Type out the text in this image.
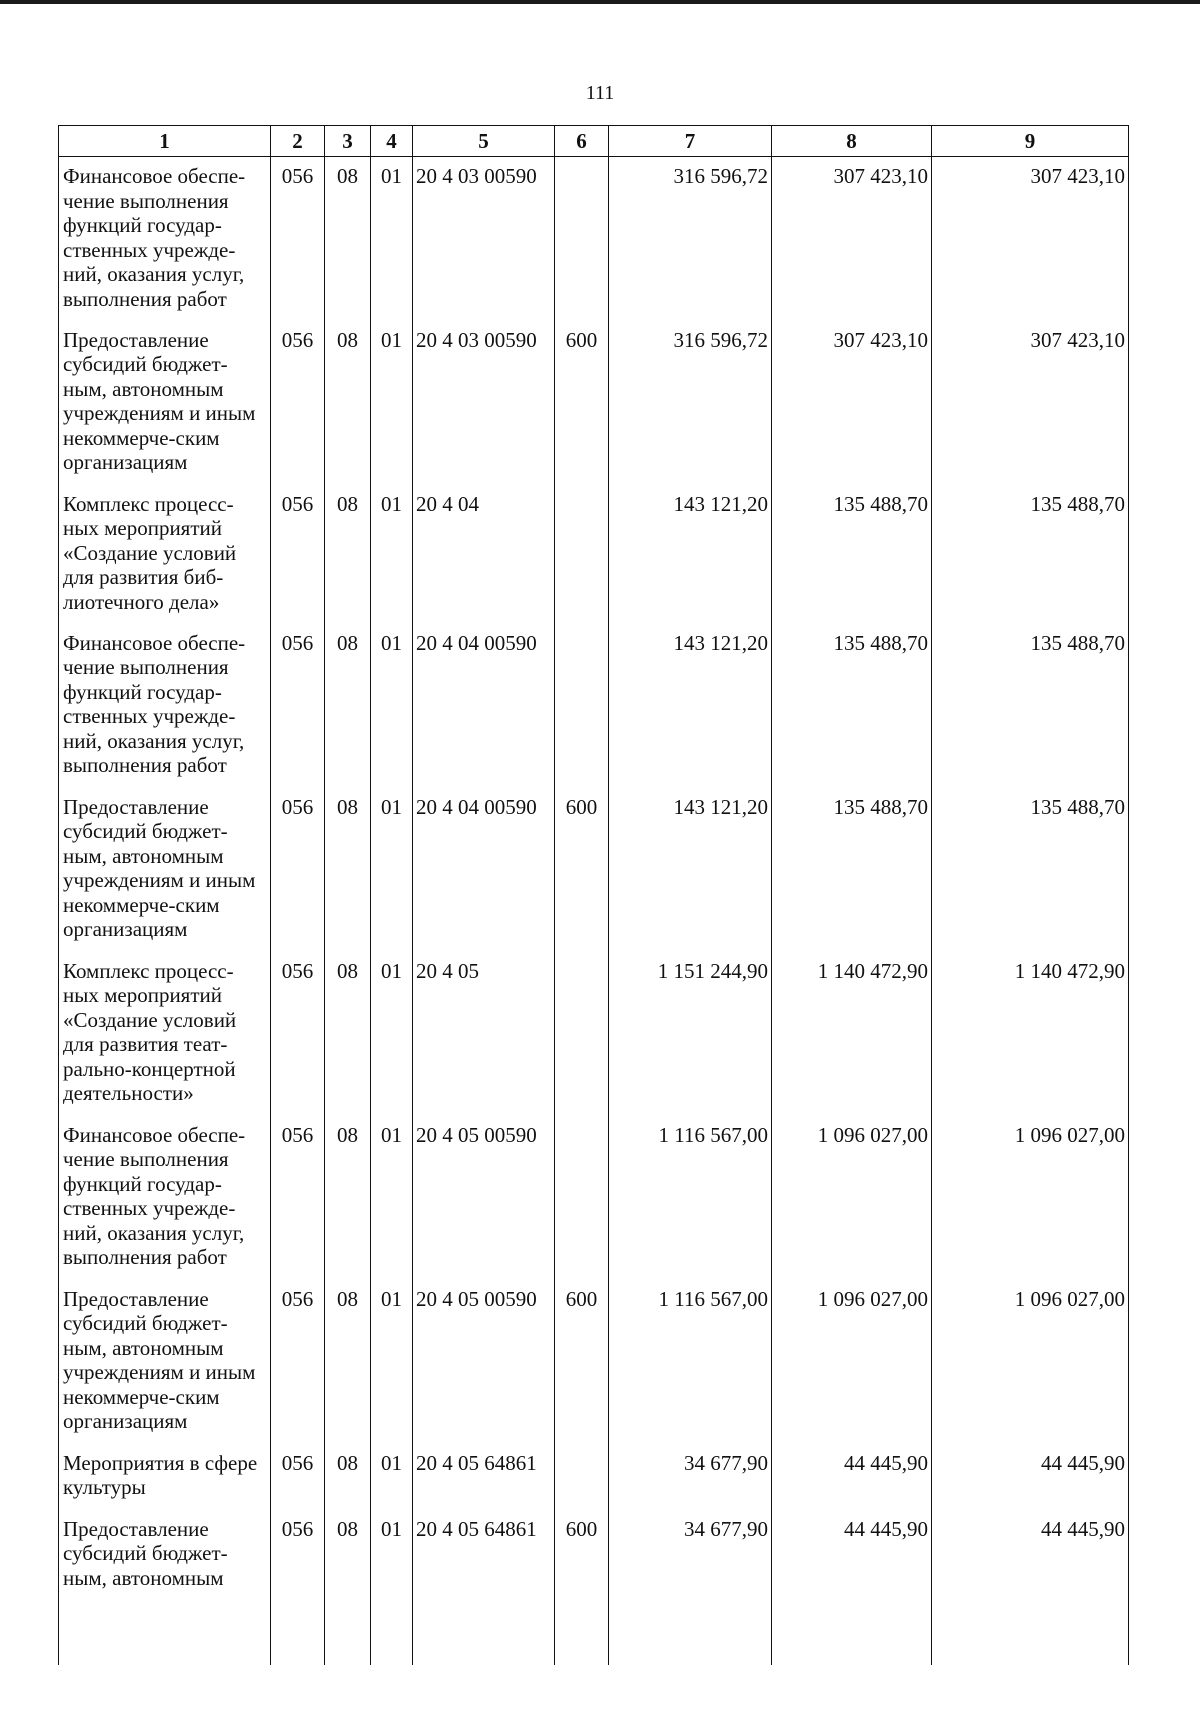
111
1	2	3	4	5	6	7	8	9
Финансовое обеспе-чение выполнения функций государ-ственных учрежде-ний, оказания услуг, выполнения работ	056	08	01	20 4 03 00590		316 596,72	307 423,10	307 423,10
Предоставление субсидий бюджет-ным, автономным учреждениям и иным некоммерче-ским организациям	056	08	01	20 4 03 00590	600	316 596,72	307 423,10	307 423,10
Комплекс процесс-ных мероприятий «Создание условий для развития биб-лиотечного дела»	056	08	01	20 4 04		143 121,20	135 488,70	135 488,70
Финансовое обеспе-чение выполнения функций государ-ственных учрежде-ний, оказания услуг, выполнения работ	056	08	01	20 4 04 00590		143 121,20	135 488,70	135 488,70
Предоставление субсидий бюджет-ным, автономным учреждениям и иным некоммерче-ским организациям	056	08	01	20 4 04 00590	600	143 121,20	135 488,70	135 488,70
Комплекс процесс-ных мероприятий «Создание условий для развития теат-рально-концертной деятельности»	056	08	01	20 4 05		1 151 244,90	1 140 472,90	1 140 472,90
Финансовое обеспе-чение выполнения функций государ-ственных учрежде-ний, оказания услуг, выполнения работ	056	08	01	20 4 05 00590		1 116 567,00	1 096 027,00	1 096 027,00
Предоставление субсидий бюджет-ным, автономным учреждениям и иным некоммерче-ским организациям	056	08	01	20 4 05 00590	600	1 116 567,00	1 096 027,00	1 096 027,00
Мероприятия в сфере культуры	056	08	01	20 4 05 64861		34 677,90	44 445,90	44 445,90
Предоставление субсидий бюджет-ным, автономным	056	08	01	20 4 05 64861	600	34 677,90	44 445,90	44 445,90
